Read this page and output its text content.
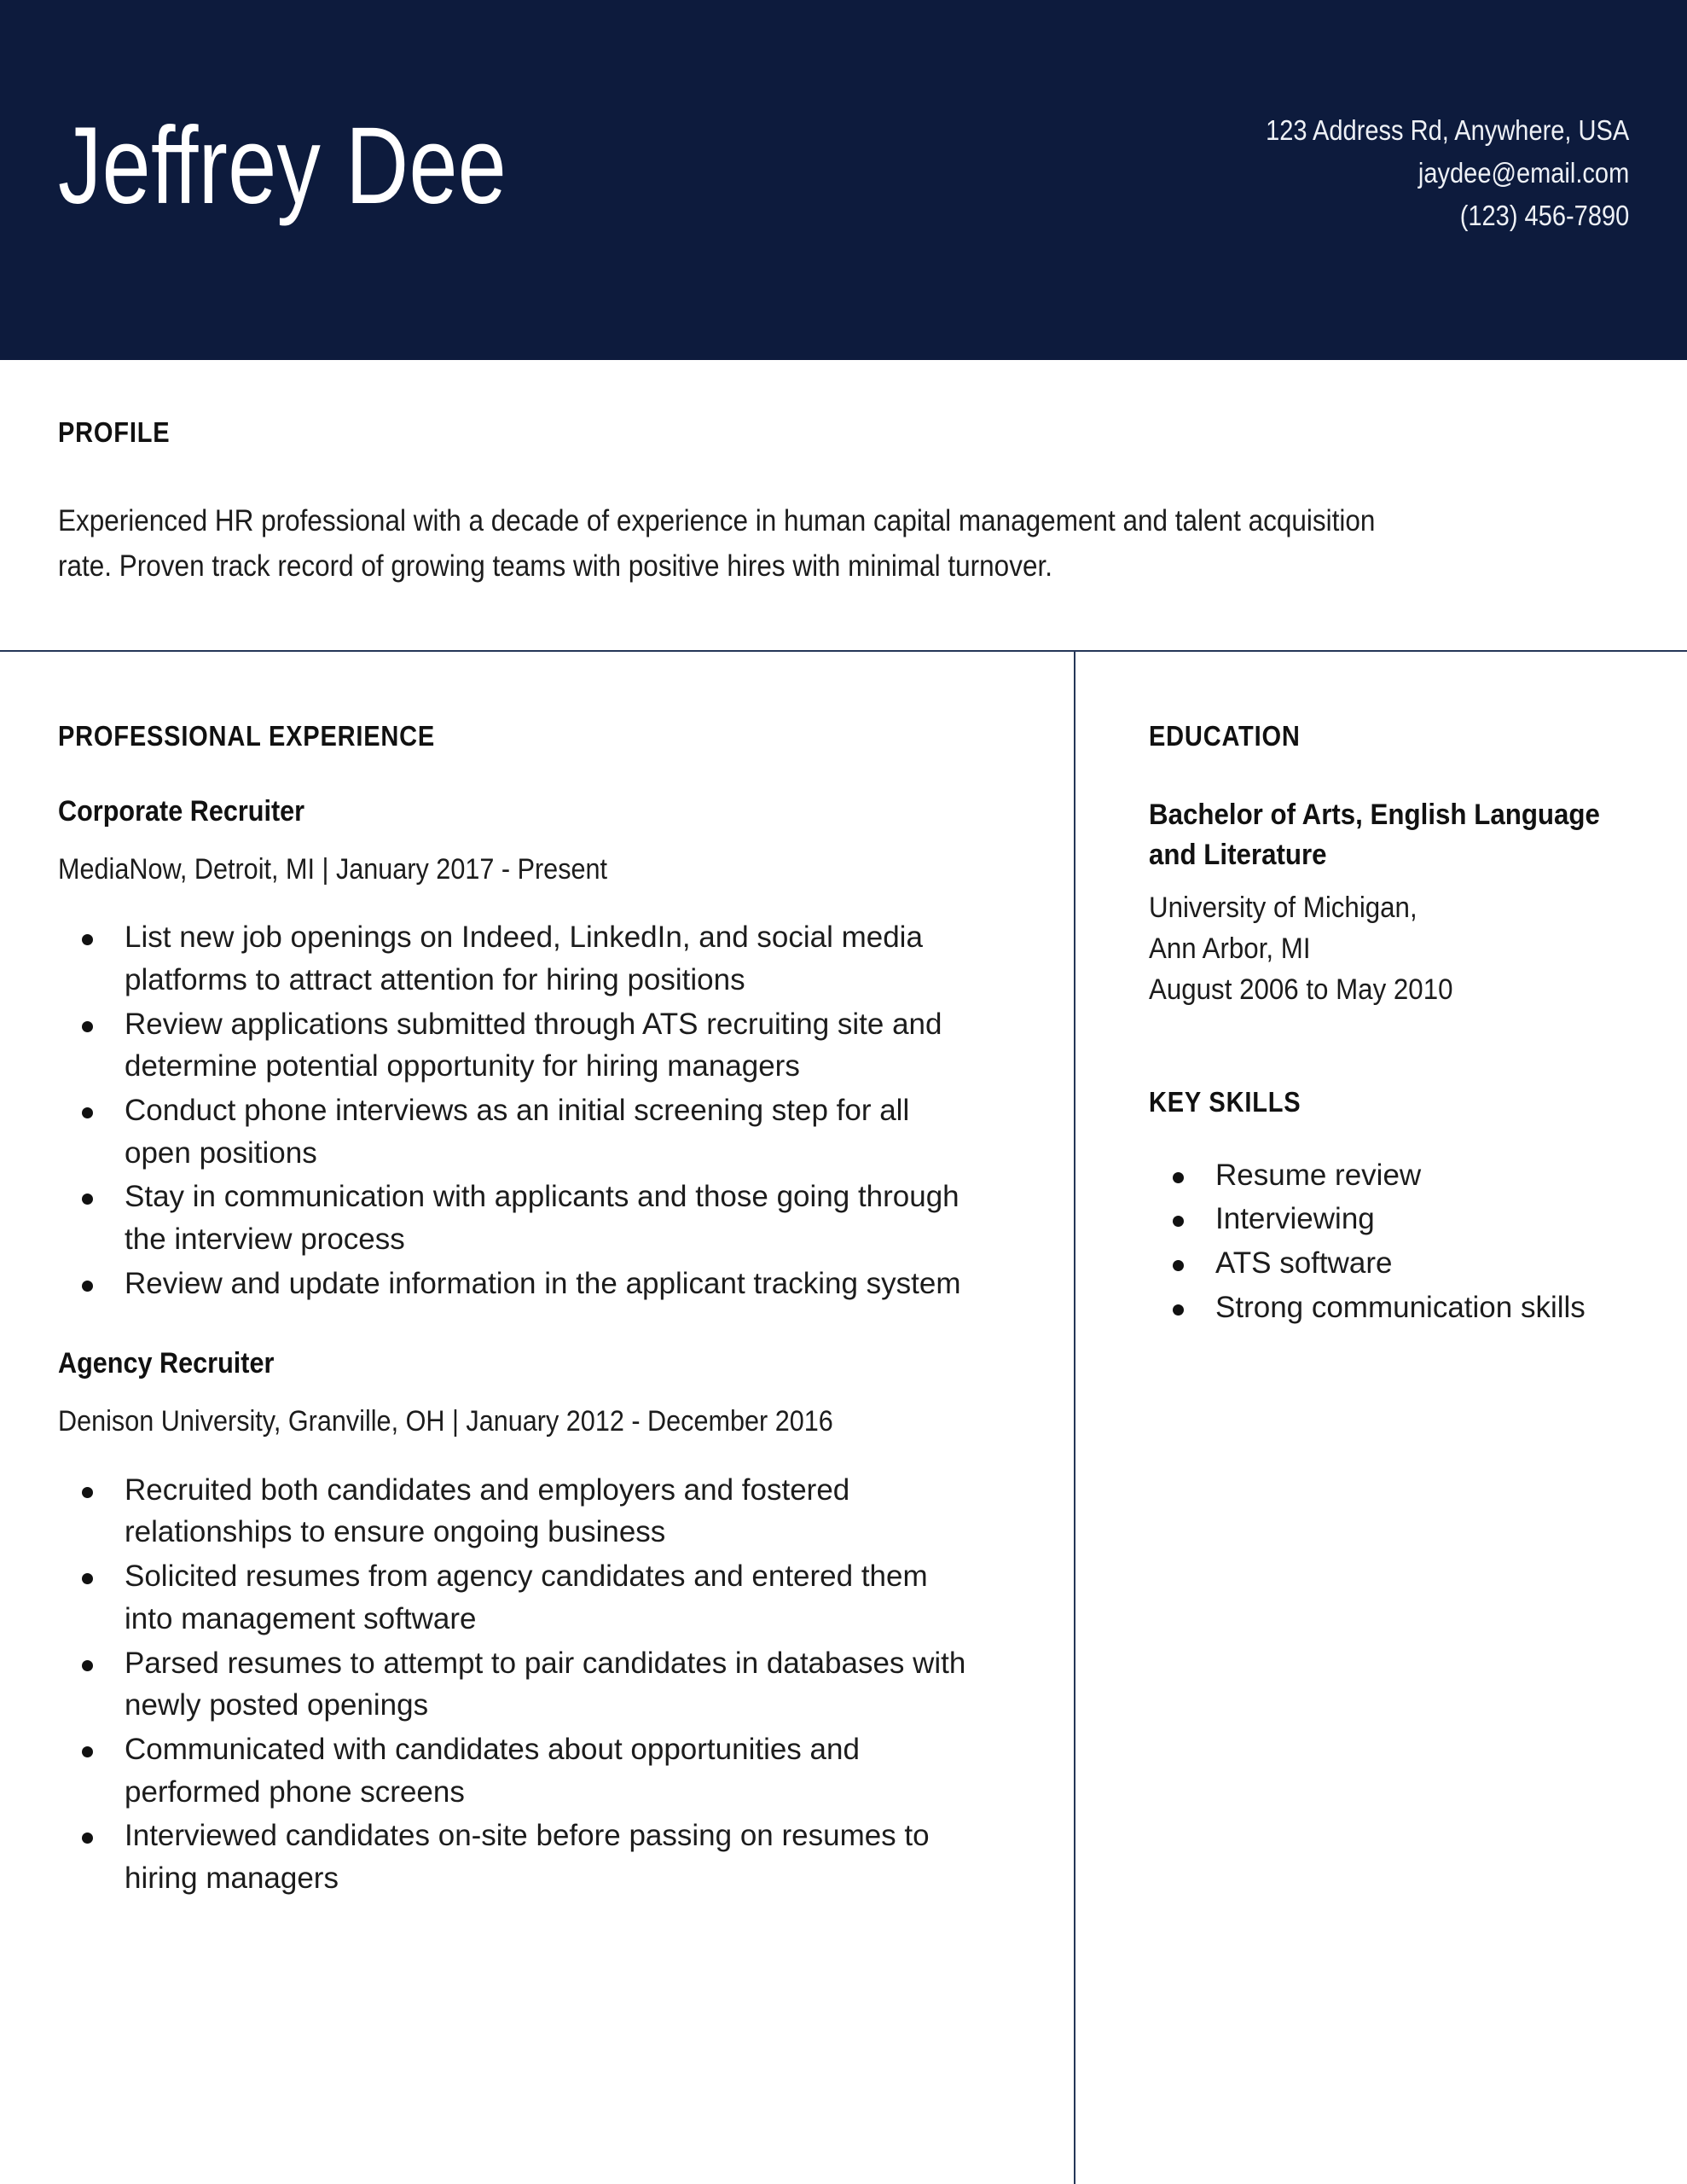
Jeffrey Dee	123 Address Rd, Anywhere, USA
jaydee@email.com
(123) 456-7890
PROFILE
Experienced HR professional with a decade of experience in human capital management and talent acquisition rate. Proven track record of growing teams with positive hires with minimal turnover.
PROFESSIONAL EXPERIENCE
Corporate Recruiter
MediaNow, Detroit, MI | January 2017 - Present
List new job openings on Indeed, LinkedIn, and social media platforms to attract attention for hiring positions
Review applications submitted through ATS recruiting site and determine potential opportunity for hiring managers
Conduct phone interviews as an initial screening step for all open positions
Stay in communication with applicants and those going through the interview process
Review and update information in the applicant tracking system
Agency Recruiter
Denison University, Granville, OH | January 2012 - December 2016
Recruited both candidates and employers and fostered relationships to ensure ongoing business
Solicited resumes from agency candidates and entered them into management software
Parsed resumes to attempt to pair candidates in databases with newly posted openings
Communicated with candidates about opportunities and performed phone screens
Interviewed candidates on-site before passing on resumes to hiring managers
EDUCATION
Bachelor of Arts, English Language and Literature
University of Michigan,
Ann Arbor, MI
August 2006 to May 2010
KEY SKILLS
Resume review
Interviewing
ATS software
Strong communication skills
